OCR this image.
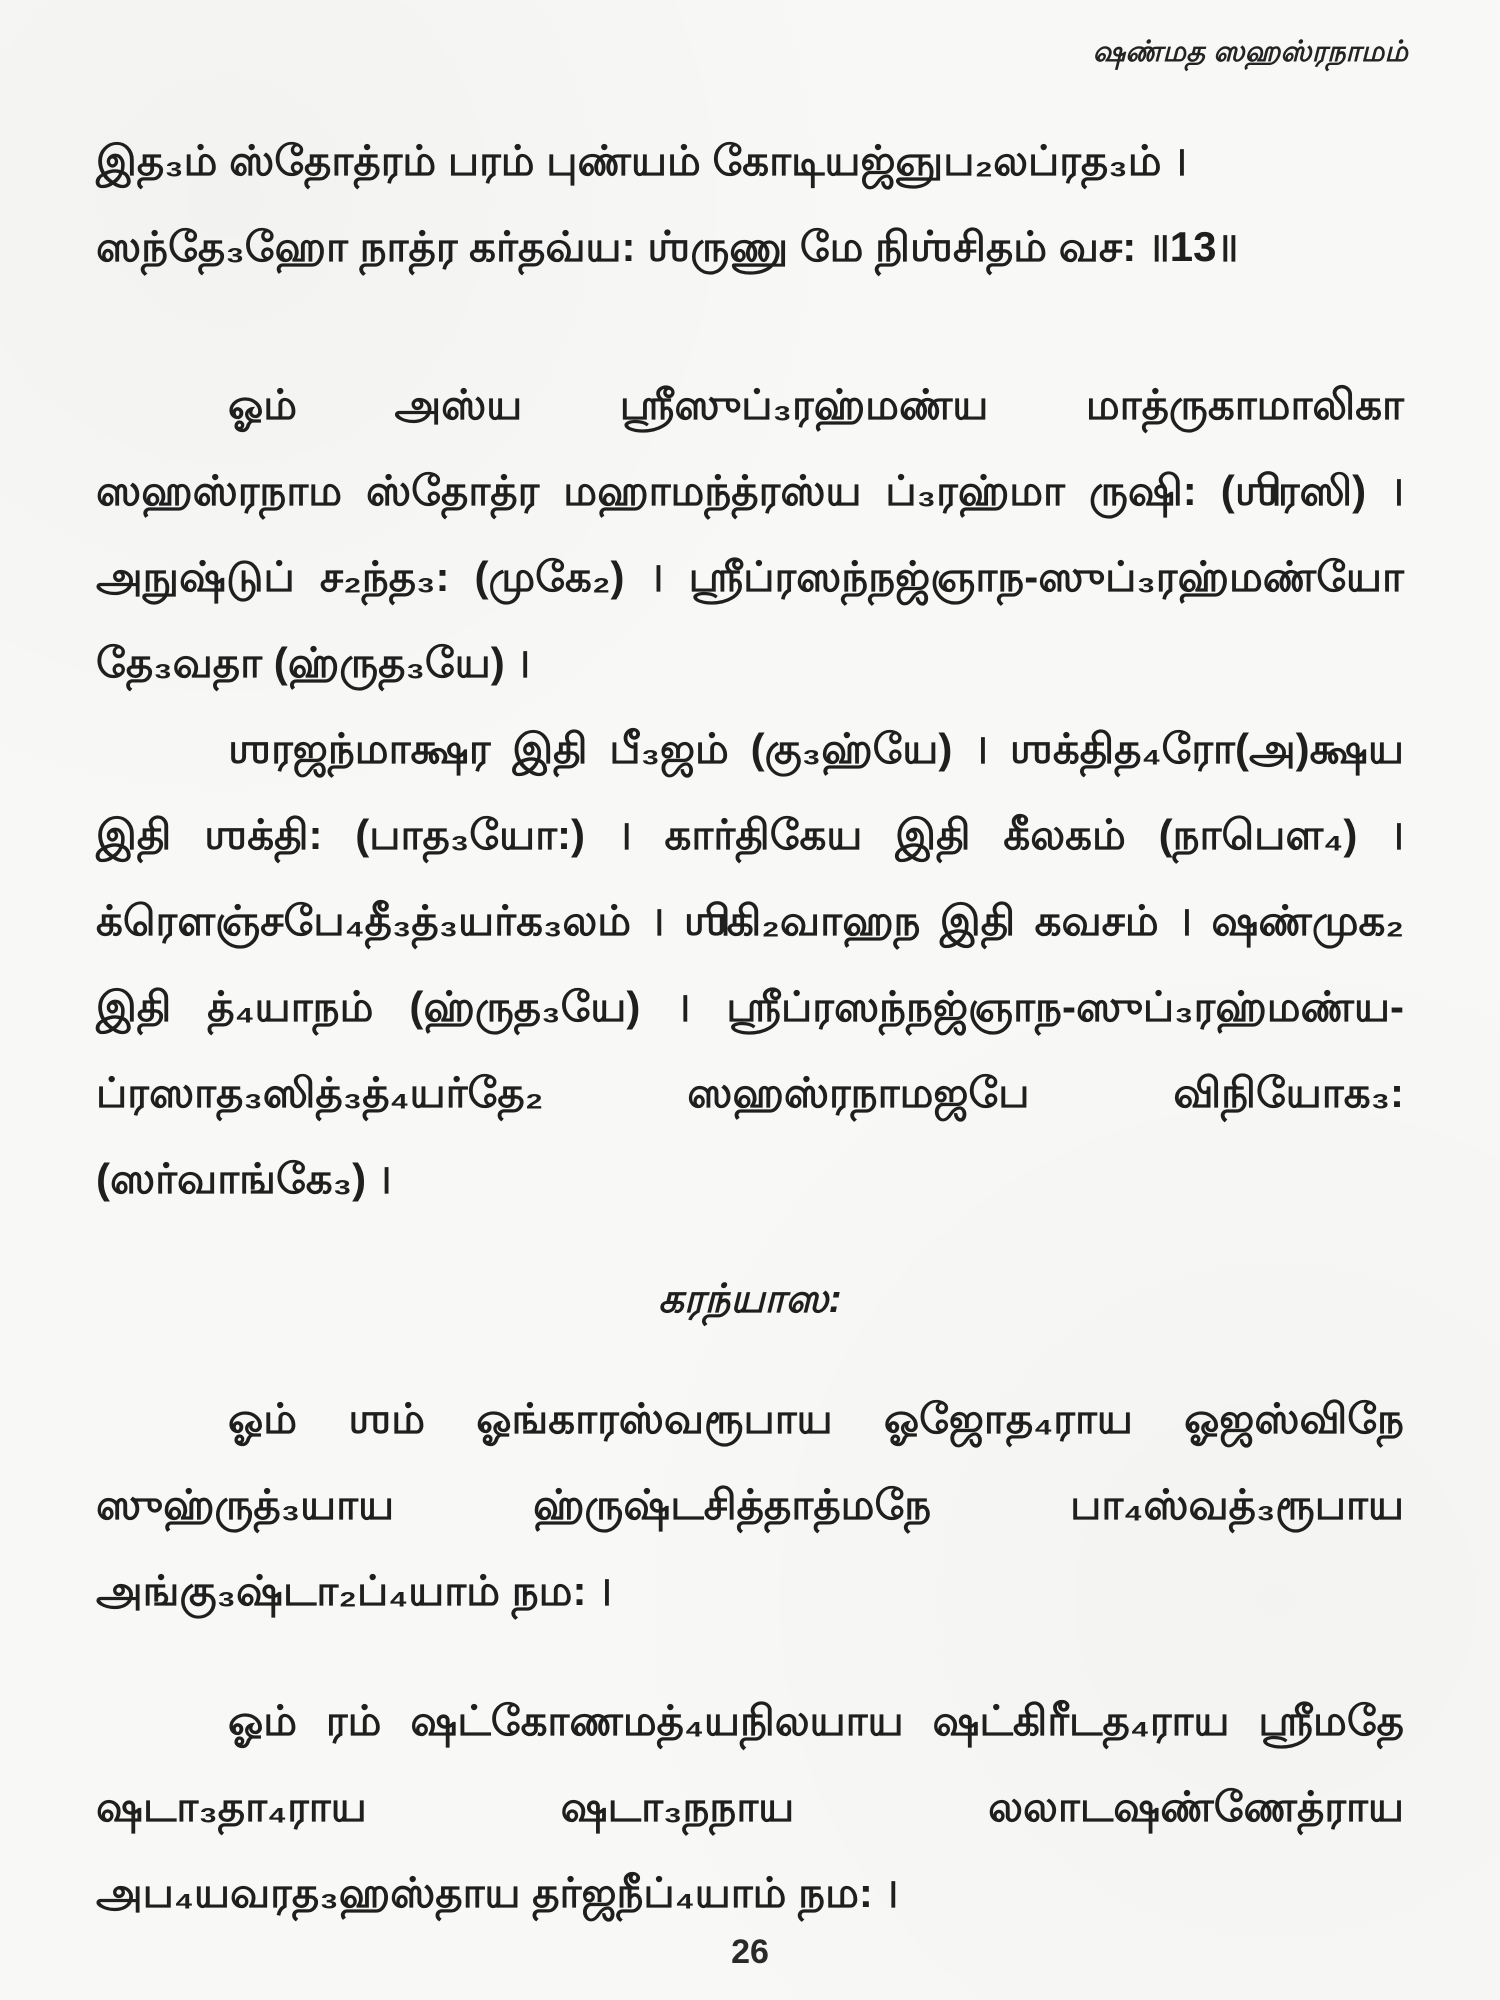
ஷண்மத ஸஹஸ்ரநாமம்

இத₃ம் ஸ்தோத்ரம் பரம் புண்யம் கோடியஜ்ஞுப₂லப்ரத₃ம் ।

ஸந்தே₃ஹோ நாத்ர கர்தவ்ய: ஶ்ருணு மே நிஶ்சிதம் வச: ॥13॥

ஓம் அஸ்ய ஶ்ரீஸுப்₃ரஹ்மண்ய மாத்ருகாமாலிகா ஸஹஸ்ரநாம ஸ்தோத்ர மஹாமந்த்ரஸ்ய ப்₃ரஹ்மா ருஷி: (ஶிரஸி) । அநுஷ்டுப் ச₂ந்த₃: (முகே₂) । ஶ்ரீப்ரஸந்நஜ்ஞாந-ஸுப்₃ரஹ்மண்யோ தே₃வதா (ஹ்ருத₃யே) ।

ஶரஜந்மாக்ஷர இதி பீ₃ஜம் (கு₃ஹ்யே) । ஶக்தித₄ரோ(அ)க்ஷய இதி ஶக்தி: (பாத₃யோ:) । கார்திகேய இதி கீலகம் (நாபௌ₄) । க்ரௌஞ்சபே₄தீ₃த்₃யர்க₃லம் । ஶிகி₂வாஹந இதி கவசம் । ஷண்முக₂ இதி த்₄யாநம் (ஹ்ருத₃யே) । ஶ்ரீப்ரஸந்நஜ்ஞாந-ஸுப்₃ரஹ்மண்ய-ப்ரஸாத₃ஸித்₃த்₄யர்தே₂ ஸஹஸ்ரநாமஜபே விநியோக₃: (ஸர்வாங்கே₃) ।

கரந்யாஸ:

ஓம் ஶம் ஓங்காரஸ்வரூபாய ஓஜோத₄ராய ஓஜஸ்விநே ஸுஹ்ருத்₃யாய ஹ்ருஷ்டசித்தாத்மநே பா₄ஸ்வத்₃ரூபாய அங்கு₃ஷ்டா₂ப்₄யாம் நம: ।

ஓம் ரம் ஷட்கோணமத்₄யநிலயாய ஷட்கிரீடத₄ராய ஶ்ரீமதே ஷடா₃தா₄ராய ஷடா₃நநாய லலாடஷண்ணேத்ராய அப₄யவரத₃ஹஸ்தாய தர்ஜநீப்₄யாம் நம: ।

26
